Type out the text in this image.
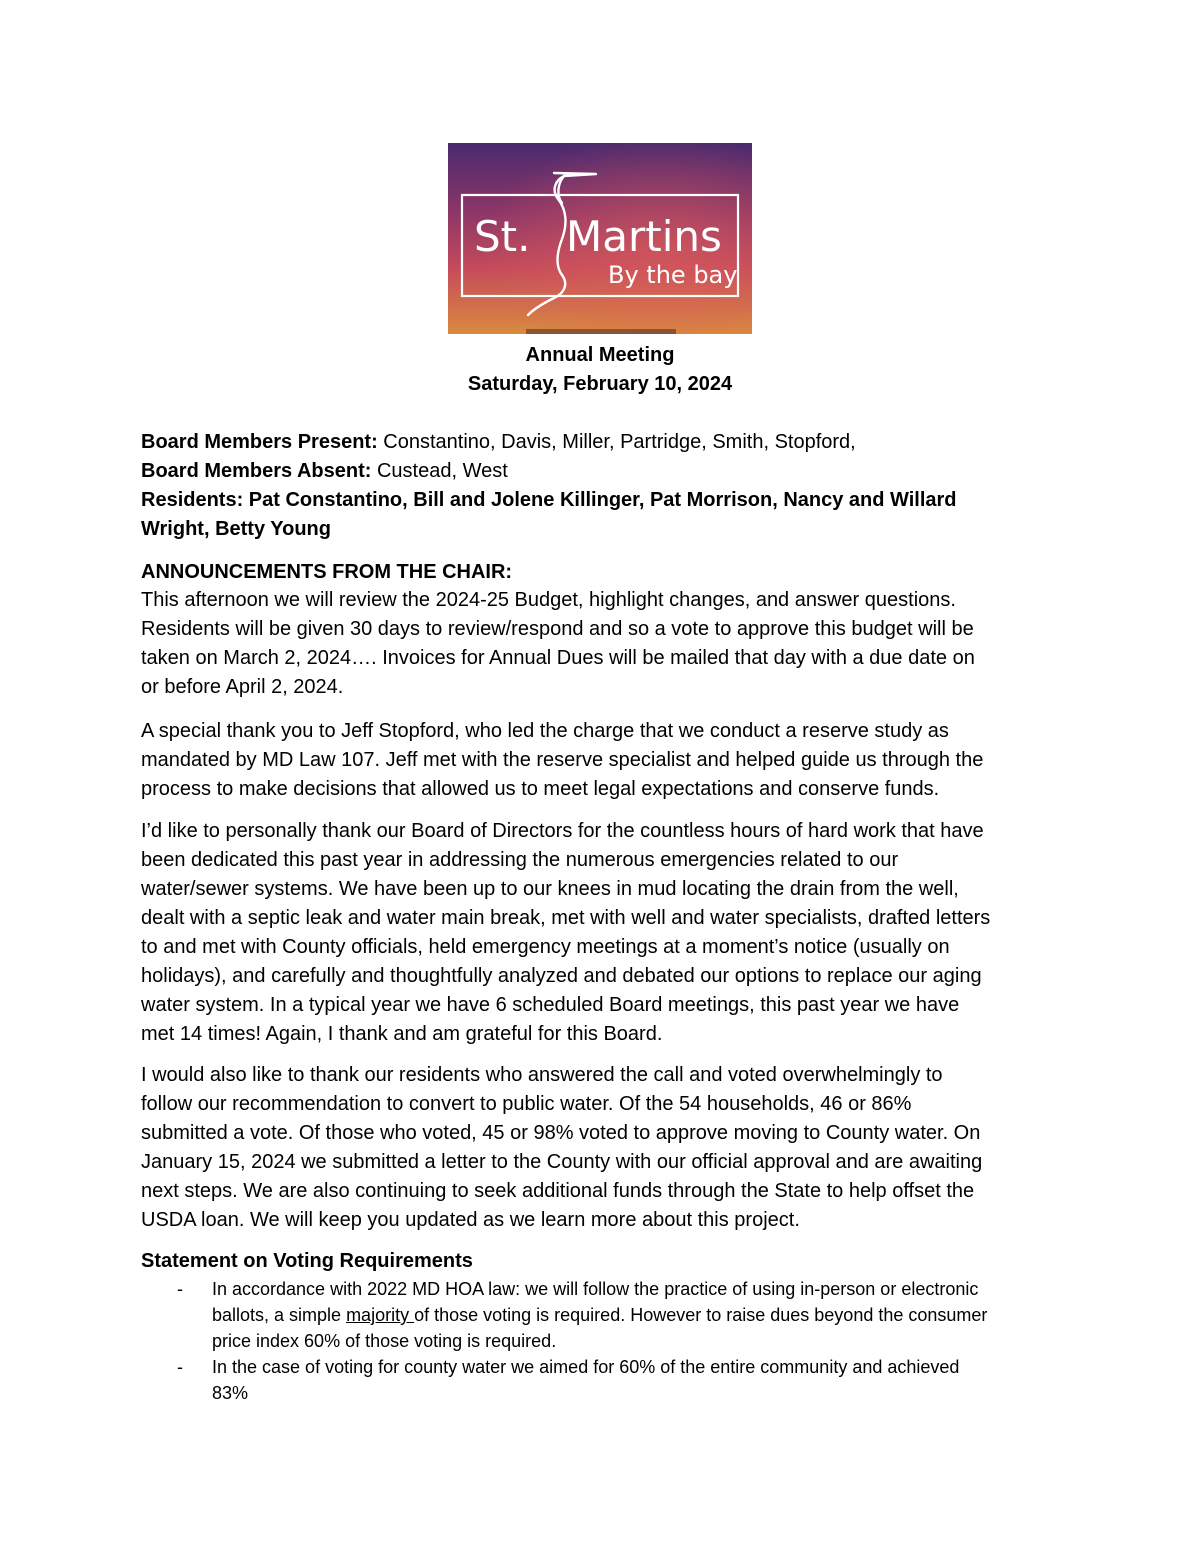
St. Martins
By the bay
Annual Meeting
Saturday, February 10, 2024
Board Members Present: Constantino, Davis, Miller, Partridge, Smith, Stopford,
Board Members Absent: Custead, West
Residents: Pat Constantino, Bill and Jolene Killinger, Pat Morrison, Nancy and Willard
Wright, Betty Young
ANNOUNCEMENTS FROM THE CHAIR:
This afternoon we will review the 2024-25 Budget, highlight changes, and answer questions.
Residents will be given 30 days to review/respond and so a vote to approve this budget will be
taken on March 2, 2024…. Invoices for Annual Dues will be mailed that day with a due date on
or before April 2, 2024.
A special thank you to Jeff Stopford, who led the charge that we conduct a reserve study as
mandated by MD Law 107. Jeff met with the reserve specialist and helped guide us through the
process to make decisions that allowed us to meet legal expectations and conserve funds.
I’d like to personally thank our Board of Directors for the countless hours of hard work that have
been dedicated this past year in addressing the numerous emergencies related to our
water/sewer systems. We have been up to our knees in mud locating the drain from the well,
dealt with a septic leak and water main break, met with well and water specialists, drafted letters
to and met with County officials, held emergency meetings at a moment’s notice (usually on
holidays), and carefully and thoughtfully analyzed and debated our options to replace our aging
water system. In a typical year we have 6 scheduled Board meetings, this past year we have
met 14 times! Again, I thank and am grateful for this Board.
I would also like to thank our residents who answered the call and voted overwhelmingly to
follow our recommendation to convert to public water. Of the 54 households, 46 or 86%
submitted a vote. Of those who voted, 45 or 98% voted to approve moving to County water. On
January 15, 2024 we submitted a letter to the County with our official approval and are awaiting
next steps. We are also continuing to seek additional funds through the State to help offset the
USDA loan. We will keep you updated as we learn more about this project.
Statement on Voting Requirements
- In accordance with 2022 MD HOA law: we will follow the practice of using in-person or electronic
ballots, a simple majority of those voting is required. However to raise dues beyond the consumer
price index 60% of those voting is required.
- In the case of voting for county water we aimed for 60% of the entire community and achieved
83%
